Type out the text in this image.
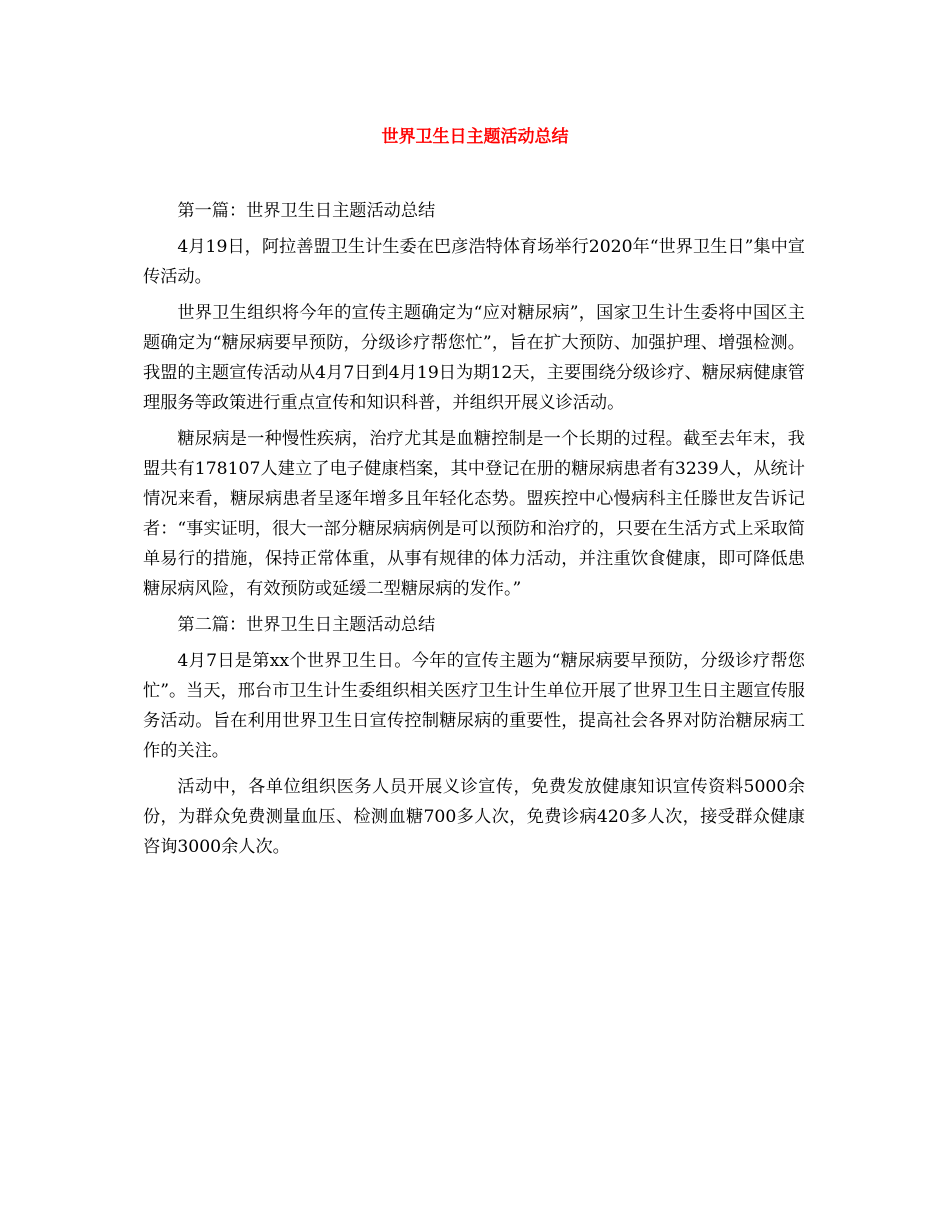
世界卫生日主题活动总结

第一篇：世界卫生日主题活动总结

4月19日，阿拉善盟卫生计生委在巴彦浩特体育场举行2020年“世界卫生日”集中宣传活动。

世界卫生组织将今年的宣传主题确定为“应对糖尿病”，国家卫生计生委将中国区主题确定为“糖尿病要早预防，分级诊疗帮您忙”，旨在扩大预防、加强护理、增强检测。我盟的主题宣传活动从4月7日到4月19日为期12天，主要围绕分级诊疗、糖尿病健康管理服务等政策进行重点宣传和知识科普，并组织开展义诊活动。

糖尿病是一种慢性疾病，治疗尤其是血糖控制是一个长期的过程。截至去年末，我盟共有178107人建立了电子健康档案，其中登记在册的糖尿病患者有3239人，从统计情况来看，糖尿病患者呈逐年增多且年轻化态势。盟疾控中心慢病科主任滕世友告诉记者：“事实证明，很大一部分糖尿病病例是可以预防和治疗的，只要在生活方式上采取简单易行的措施，保持正常体重，从事有规律的体力活动，并注重饮食健康，即可降低患糖尿病风险，有效预防或延缓二型糖尿病的发作。”

第二篇：世界卫生日主题活动总结

4月7日是第xx个世界卫生日。今年的宣传主题为“糖尿病要早预防，分级诊疗帮您忙”。当天，邢台市卫生计生委组织相关医疗卫生计生单位开展了世界卫生日主题宣传服务活动。旨在利用世界卫生日宣传控制糖尿病的重要性，提高社会各界对防治糖尿病工作的关注。

活动中，各单位组织医务人员开展义诊宣传，免费发放健康知识宣传资料5000余份，为群众免费测量血压、检测血糖700多人次，免费诊病420多人次，接受群众健康咨询3000余人次。
